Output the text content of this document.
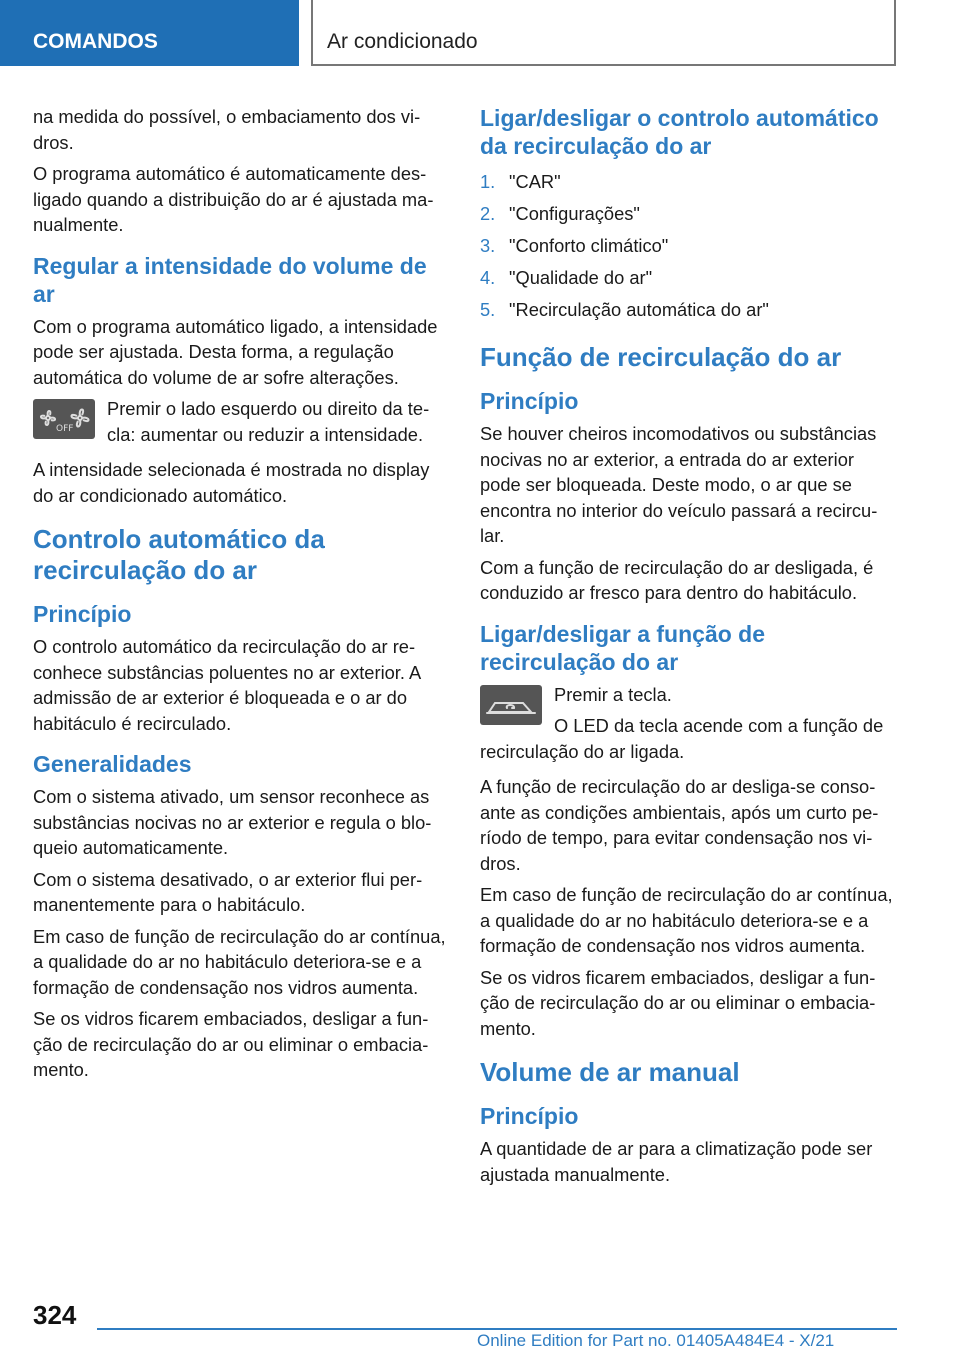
COMANDOS	Ar condicionado

na medida do possível, o embaciamento dos vidros.

O programa automático é automaticamente desligado quando a distribuição do ar é ajustada manualmente.

Regular a intensidade do volume de ar

Com o programa automático ligado, a intensidade pode ser ajustada. Desta forma, a regulação automática do volume de ar sofre alterações.

OFF

Premir o lado esquerdo ou direito da tecla: aumentar ou reduzir a intensidade.

A intensidade selecionada é mostrada no display do ar condicionado automático.

Controlo automático da recirculação do ar
Princípio

O controlo automático da recirculação do ar reconhece substâncias poluentes no ar exterior. A admissão de ar exterior é bloqueada e o ar do habitáculo é recirculado.

Generalidades

Com o sistema ativado, um sensor reconhece as substâncias nocivas no ar exterior e regula o bloqueio automaticamente.

Com o sistema desativado, o ar exterior flui permanentemente para o habitáculo.

Em caso de função de recirculação do ar contínua, a qualidade do ar no habitáculo deteriora-se e a formação de condensação nos vidros aumenta.

Se os vidros ficarem embaciados, desligar a função de recirculação do ar ou eliminar o embaciamento.

Ligar/desligar o controlo automático da recirculação do ar
1. "CAR"
2. "Configurações"
3. "Conforto climático"
4. "Qualidade do ar"
5. "Recirculação automática do ar"
Função de recirculação do ar
Princípio

Se houver cheiros incomodativos ou substâncias nocivas no ar exterior, a entrada do ar exterior pode ser bloqueada. Deste modo, o ar que se encontra no interior do veículo passará a recircular.

Com a função de recirculação do ar desligada, é conduzido ar fresco para dentro do habitáculo.

Ligar/desligar a função de recirculação do ar

Premir a tecla.

O LED da tecla acende com a função de recirculação do ar ligada.

A função de recirculação do ar desliga-se consoante as condições ambientais, após um curto período de tempo, para evitar condensação nos vidros.

Em caso de função de recirculação do ar contínua, a qualidade do ar no habitáculo deteriora-se e a formação de condensação nos vidros aumenta.

Se os vidros ficarem embaciados, desligar a função de recirculação do ar ou eliminar o embaciamento.

Volume de ar manual
Princípio

A quantidade de ar para a climatização pode ser ajustada manualmente.

324
Online Edition for Part no. 01405A484E4 - X/21
